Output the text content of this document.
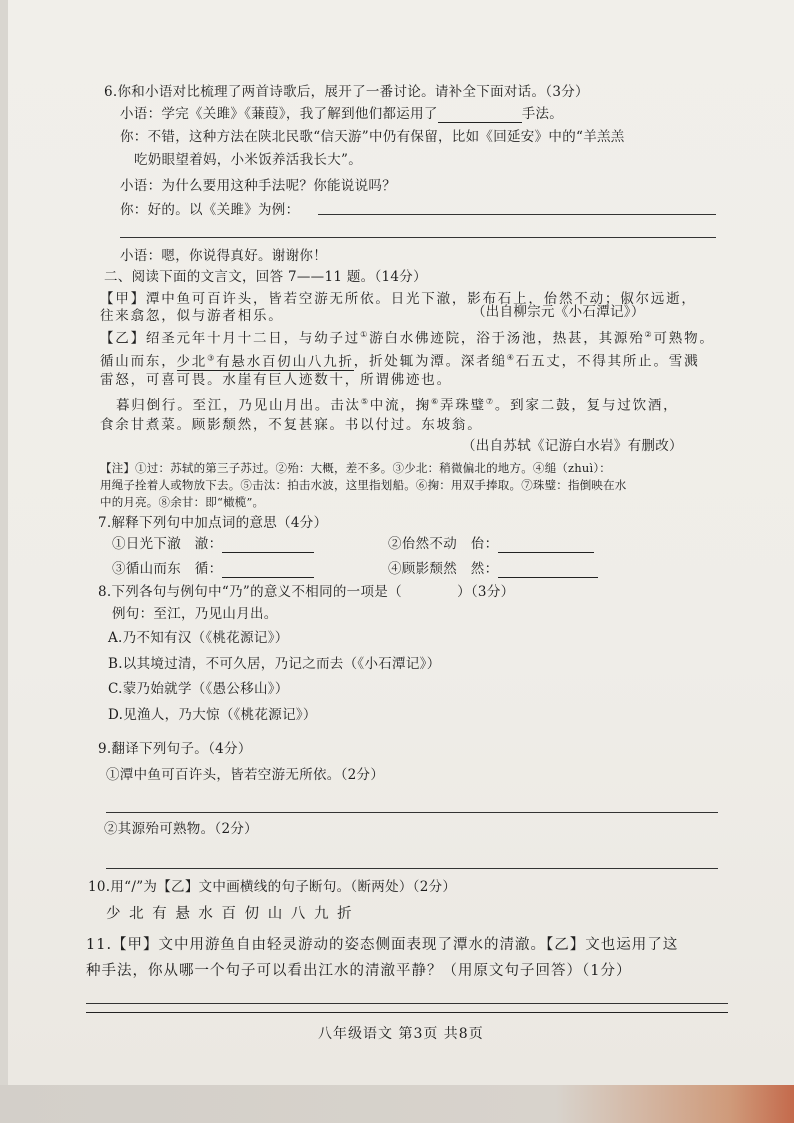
6.你和小语对比梳理了两首诗歌后，展开了一番讨论。请补全下面对话。（3分）
小语：学完《关雎》《蒹葭》，我了解到他们都运用了	手法。
你：不错，这种方法在陕北民歌“信天游”中仍有保留，比如《回延安》中的“羊羔羔
吃奶眼望着妈，小米饭养活我长大”。
小语：为什么要用这种手法呢？你能说说吗？
你：好的。以《关雎》为例：
小语：嗯，你说得真好。谢谢你！
二、阅读下面的文言文，回答 7——11 题。（14分）
【甲】潭中鱼可百许头，皆若空游无所依。日光下澈，影布石上，佁然不动；俶尔远逝，
往来翕忽，似与游者相乐。	（出自柳宗元《小石潭记》）
【乙】绍圣元年十月十二日，与幼子过①游白水佛迹院，浴于汤池，热甚，其源殆②可熟物。
循山而东，少北③有悬水百仞山八九折，折处辄为潭。深者缒④石五丈，不得其所止。雪溅
雷怒，可喜可畏。水崖有巨人迹数十，所谓佛迹也。
暮归倒行。至江，乃见山月出。击汰⑤中流，掬⑥弄珠璧⑦。到家二鼓，复与过饮酒，
食余甘煮菜。顾影颓然，不复甚寐。书以付过。东坡翁。
（出自苏轼《记游白水岩》有删改）
【注】①过：苏轼的第三子苏过。②殆：大概，差不多。③少北：稍微偏北的地方。④缒（zhuì）：
用绳子拴着人或物放下去。⑤击汰：拍击水波，这里指划船。⑥掬：用双手捧取。⑦珠璧：指倒映在水
中的月亮。⑧余甘：即“橄榄”。
7.解释下列句中加点词的意思（4分）
①日光下澈　澈：	②佁然不动　佁：
③循山而东　循：	④顾影颓然　然：
8.下列各句与例句中“乃”的意义不相同的一项是（　　　　）（3分）
例句：至江，乃见山月出。
A.乃不知有汉（《桃花源记》）
B.以其境过清，不可久居，乃记之而去（《小石潭记》）
C.蒙乃始就学（《愚公移山》）
D.见渔人，乃大惊（《桃花源记》）
9.翻译下列句子。（4分）
①潭中鱼可百许头，皆若空游无所依。（2分）
②其源殆可熟物。（2分）
10.用“/”为【乙】文中画横线的句子断句。（断两处）（2分）
少 北 有 悬 水 百 仞 山 八 九 折
11.【甲】文中用游鱼自由轻灵游动的姿态侧面表现了潭水的清澈。【乙】文也运用了这
种手法，你从哪一个句子可以看出江水的清澈平静？（用原文句子回答）（1分）
八年级语文 第3页 共8页
